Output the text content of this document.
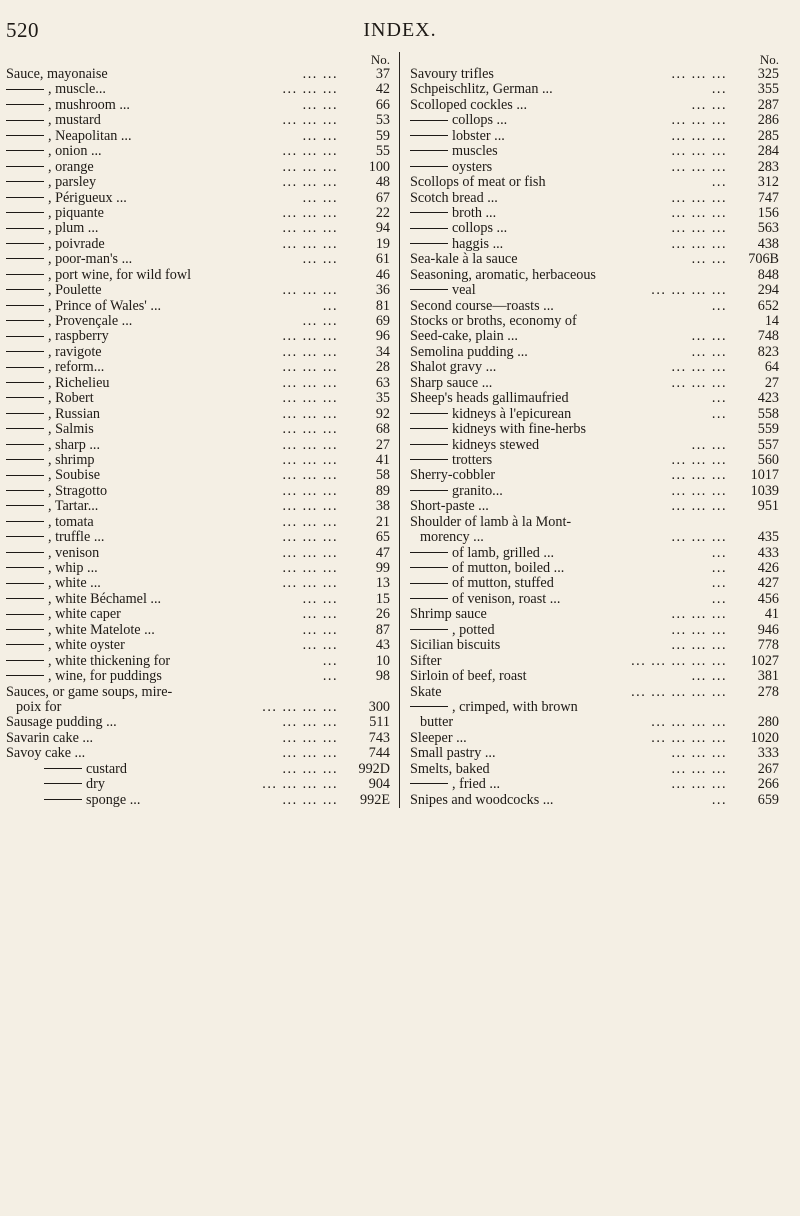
520	INDEX.
No.
Sauce, mayonaise	... ...	37
, muscle...	... ... ...	42
, mushroom ...	... ...	66
, mustard	... ... ...	53
, Neapolitan ...	... ...	59
, onion ...	... ... ...	55
, orange	... ... ...	100
, parsley	... ... ...	48
, Périgueux ...	... ...	67
, piquante	... ... ...	22
, plum ...	... ... ...	94
, poivrade	... ... ...	19
, poor-man's ...	... ...	61
, port wine, for wild fowl	46
, Poulette	... ... ...	36
, Prince of Wales' ...	...	81
, Provençale ...	... ...	69
, raspberry	... ... ...	96
, ravigote	... ... ...	34
, reform...	... ... ...	28
, Richelieu	... ... ...	63
, Robert	... ... ...	35
, Russian	... ... ...	92
, Salmis	... ... ...	68
, sharp ...	... ... ...	27
, shrimp	... ... ...	41
, Soubise	... ... ...	58
, Stragotto	... ... ...	89
, Tartar...	... ... ...	38
, tomata	... ... ...	21
, truffle ...	... ... ...	65
, venison	... ... ...	47
, whip ...	... ... ...	99
, white ...	... ... ...	13
, white Béchamel ...	... ...	15
, white caper	... ...	26
, white Matelote ...	... ...	87
, white oyster	... ...	43
, white thickening for	...	10
, wine, for puddings	...	98
Sauces, or game soups, mire-
poix for	... ... ... ...	300
Sausage pudding ...	... ... ...	511
Savarin cake ...	... ... ...	743
Savoy cake ...	... ... ...	744
custard	... ... ...	992D
dry	... ... ... ...	904
sponge ...	... ... ...	992E
No.
Savoury trifles	... ... ...	325
Schpeischlitz, German ...	...	355
Scolloped cockles ...	... ...	287
collops ...	... ... ...	286
lobster ...	... ... ...	285
muscles	... ... ...	284
oysters	... ... ...	283
Scollops of meat or fish	...	312
Scotch bread ...	... ... ...	747
broth ...	... ... ...	156
collops ...	... ... ...	563
haggis ...	... ... ...	438
Sea-kale à la sauce	... ...	706B
Seasoning, aromatic, herbaceous	848
veal	... ... ... ...	294
Second course—roasts ...	...	652
Stocks or broths, economy of	14
Seed-cake, plain ...	... ...	748
Semolina pudding ...	... ...	823
Shalot gravy ...	... ... ...	64
Sharp sauce ...	... ... ...	27
Sheep's heads gallimaufried	...	423
kidneys à l'epicurean	...	558
kidneys with fine-herbs	559
kidneys stewed	... ...	557
trotters	... ... ...	560
Sherry-cobbler	... ... ...	1017
granito...	... ... ...	1039
Short-paste ...	... ... ...	951
Shoulder of lamb à la Mont-
morency ...	... ... ...	435
of lamb, grilled ...	...	433
of mutton, boiled ...	...	426
of mutton, stuffed	...	427
of venison, roast ...	...	456
Shrimp sauce	... ... ...	41
, potted	... ... ...	946
Sicilian biscuits	... ... ...	778
Sifter	... ... ... ... ...	1027
Sirloin of beef, roast	... ...	381
Skate	... ... ... ... ...	278
, crimped, with brown
butter	... ... ... ...	280
Sleeper ...	... ... ... ...	1020
Small pastry ...	... ... ...	333
Smelts, baked	... ... ...	267
, fried ...	... ... ...	266
Snipes and woodcocks ...	...	659
